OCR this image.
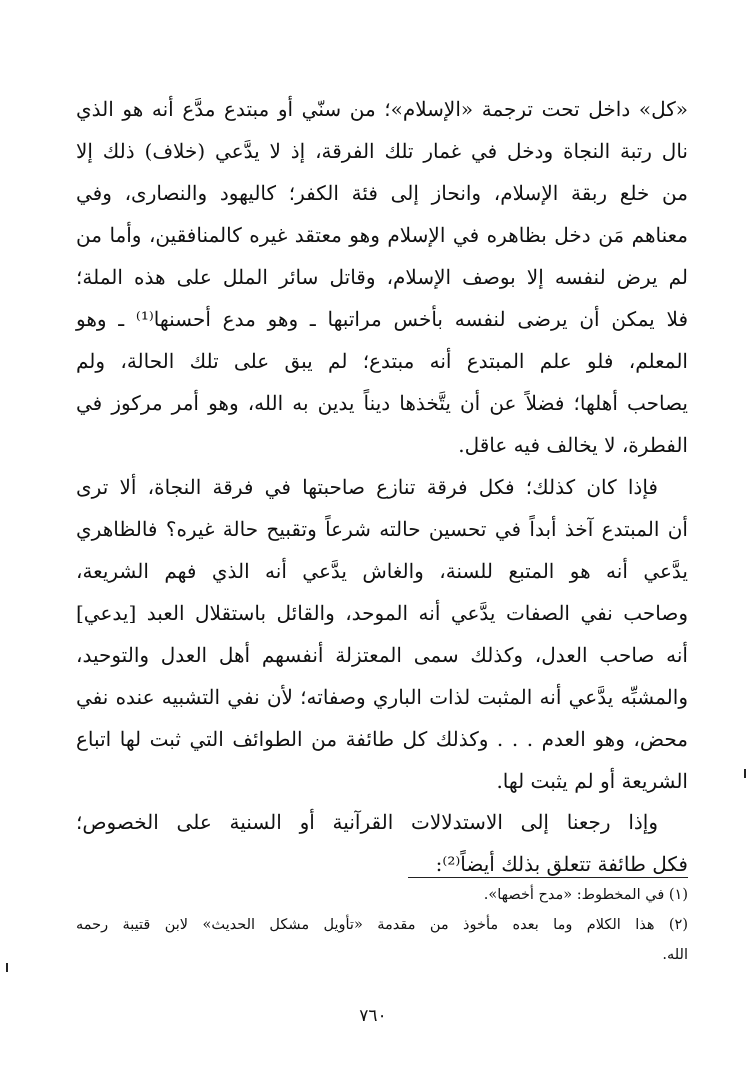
«كل» داخل تحت ترجمة «الإسلام»؛ من سنّي أو مبتدع مدَّع أنه هو الذي
نال رتبة النجاة ودخل في غمار تلك الفرقة، إذ لا يدَّعي (خلاف) ذلك إلا
من خلع ربقة الإسلام، وانحاز إلى فئة الكفر؛ كاليهود والنصارى، وفي
معناهم مَن دخل بظاهره في الإسلام وهو معتقد غيره كالمنافقين، وأما من
لم يرض لنفسه إلا بوصف الإسلام، وقاتل سائر الملل على هذه الملة؛
فلا يمكن أن يرضى لنفسه بأخس مراتبها ـ وهو مدع أحسنها⁽¹⁾ ـ وهو
المعلم، فلو علم المبتدع أنه مبتدع؛ لم يبق على تلك الحالة، ولم
يصاحب أهلها؛ فضلاً عن أن يتَّخذها ديناً يدين به الله، وهو أمر مركوز في
الفطرة، لا يخالف فيه عاقل.
فإذا كان كذلك؛ فكل فرقة تنازع صاحبتها في فرقة النجاة، ألا ترى
أن المبتدع آخذ أبداً في تحسين حالته شرعاً وتقبيح حالة غيره؟ فالظاهري
يدَّعي أنه هو المتبع للسنة، والغاش يدَّعي أنه الذي فهم الشريعة،
وصاحب نفي الصفات يدَّعي أنه الموحد، والقائل باستقلال العبد [يدعي]
أنه صاحب العدل، وكذلك سمى المعتزلة أنفسهم أهل العدل والتوحيد،
والمشبِّه يدَّعي أنه المثبت لذات الباري وصفاته؛ لأن نفي التشبيه عنده نفي
محض، وهو العدم . . . وكذلك كل طائفة من الطوائف التي ثبت لها اتباع
الشريعة أو لم يثبت لها.
وإذا رجعنا إلى الاستدلالات القرآنية أو السنية على الخصوص؛
فكل طائفة تتعلق بذلك أيضاً⁽²⁾:
(١) في المخطوط: «مدح أخصها».
(٢) هذا الكلام وما بعده مأخوذ من مقدمة «تأويل مشكل الحديث» لابن قتيبة رحمه
الله.
٧٦٠
